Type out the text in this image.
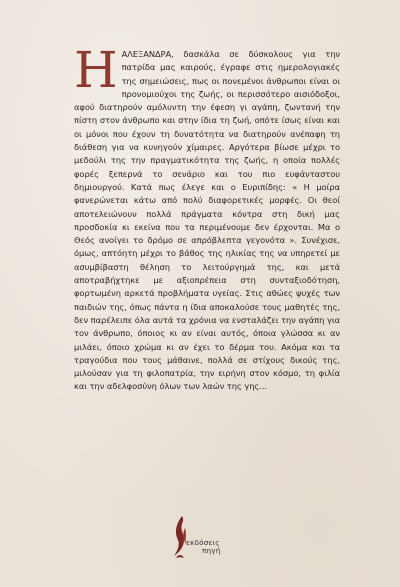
ΗΑΛΕΞΑΝΔΡΑ, δασκάλα σε δύσκολους για την πατρίδα μας καιρούς, έγραφε στις ημερολογιακές της σημειώσεις, πως οι πονεμένοι άνθρωποι είναι οι προνομιούχοι της ζωής, οι περισσότερο αισιόδοξοι, αφού διατηρούν αμόλυντη την έφεση γι αγάπη, ζωντανή την πίστη στον άνθρωπο και στην ίδια τη ζωή, οπότε ίσως είναι και οι μόνοι που έχουν τη δυνατότητα να διατηρούν ανέπαφη τη διάθεση για να κυνηγούν χίμαιρες. Αργότερα βίωσε μέχρι το μεδούλι της την πραγματικότητα της ζωής, η οποία πολλές φορές ξεπερνά το σενάριο και του πιο ευφάνταστου δημιουργού. Κατά πως έλεγε και ο Ευριπίδης: « Η μοίρα φανερώνεται κάτω από πολύ διαφορετικές μορφές. Οι θεοί αποτελειώνουν πολλά πράγματα κόντρα στη δική μας προσδοκία κι εκείνα που τα περιμένουμε δεν έρχονται. Μα ο Θεός ανοίγει το δρόμο σε απρόβλεπτα γεγονότα ». Συνέχισε, όμως, απτόητη μέχρι το βάθος της ηλικίας της να υπηρετεί με ασυμβίβαστη θέληση το λειτούργημά της, και μετά αποτραβήχτηκε με αξιοπρέπεια στη συνταξιοδότηση, φορτωμένη αρκετά προβλήματα υγείας. Στις αθώες ψυχές των παιδιών της, όπως πάντα η ίδια αποκαλούσε τους μαθητές της, δεν παρέλειπε όλα αυτά τα χρόνια να ενσταλάζει την αγάπη για τον άνθρωπο, όποιος κι αν είναι αυτός, όποια γλώσσα κι αν μιλάει, όποιο χρώμα κι αν έχει το δέρμα του. Ακόμα και τα τραγούδια που τους μάθαινε, πολλά σε στίχους δικούς της, μιλούσαν για τη φιλοπατρία, την ειρήνη στον κόσμο, τη φιλία και την αδελφοσύνη όλων των λαών της γης...
εκδόσεις
πηγή
